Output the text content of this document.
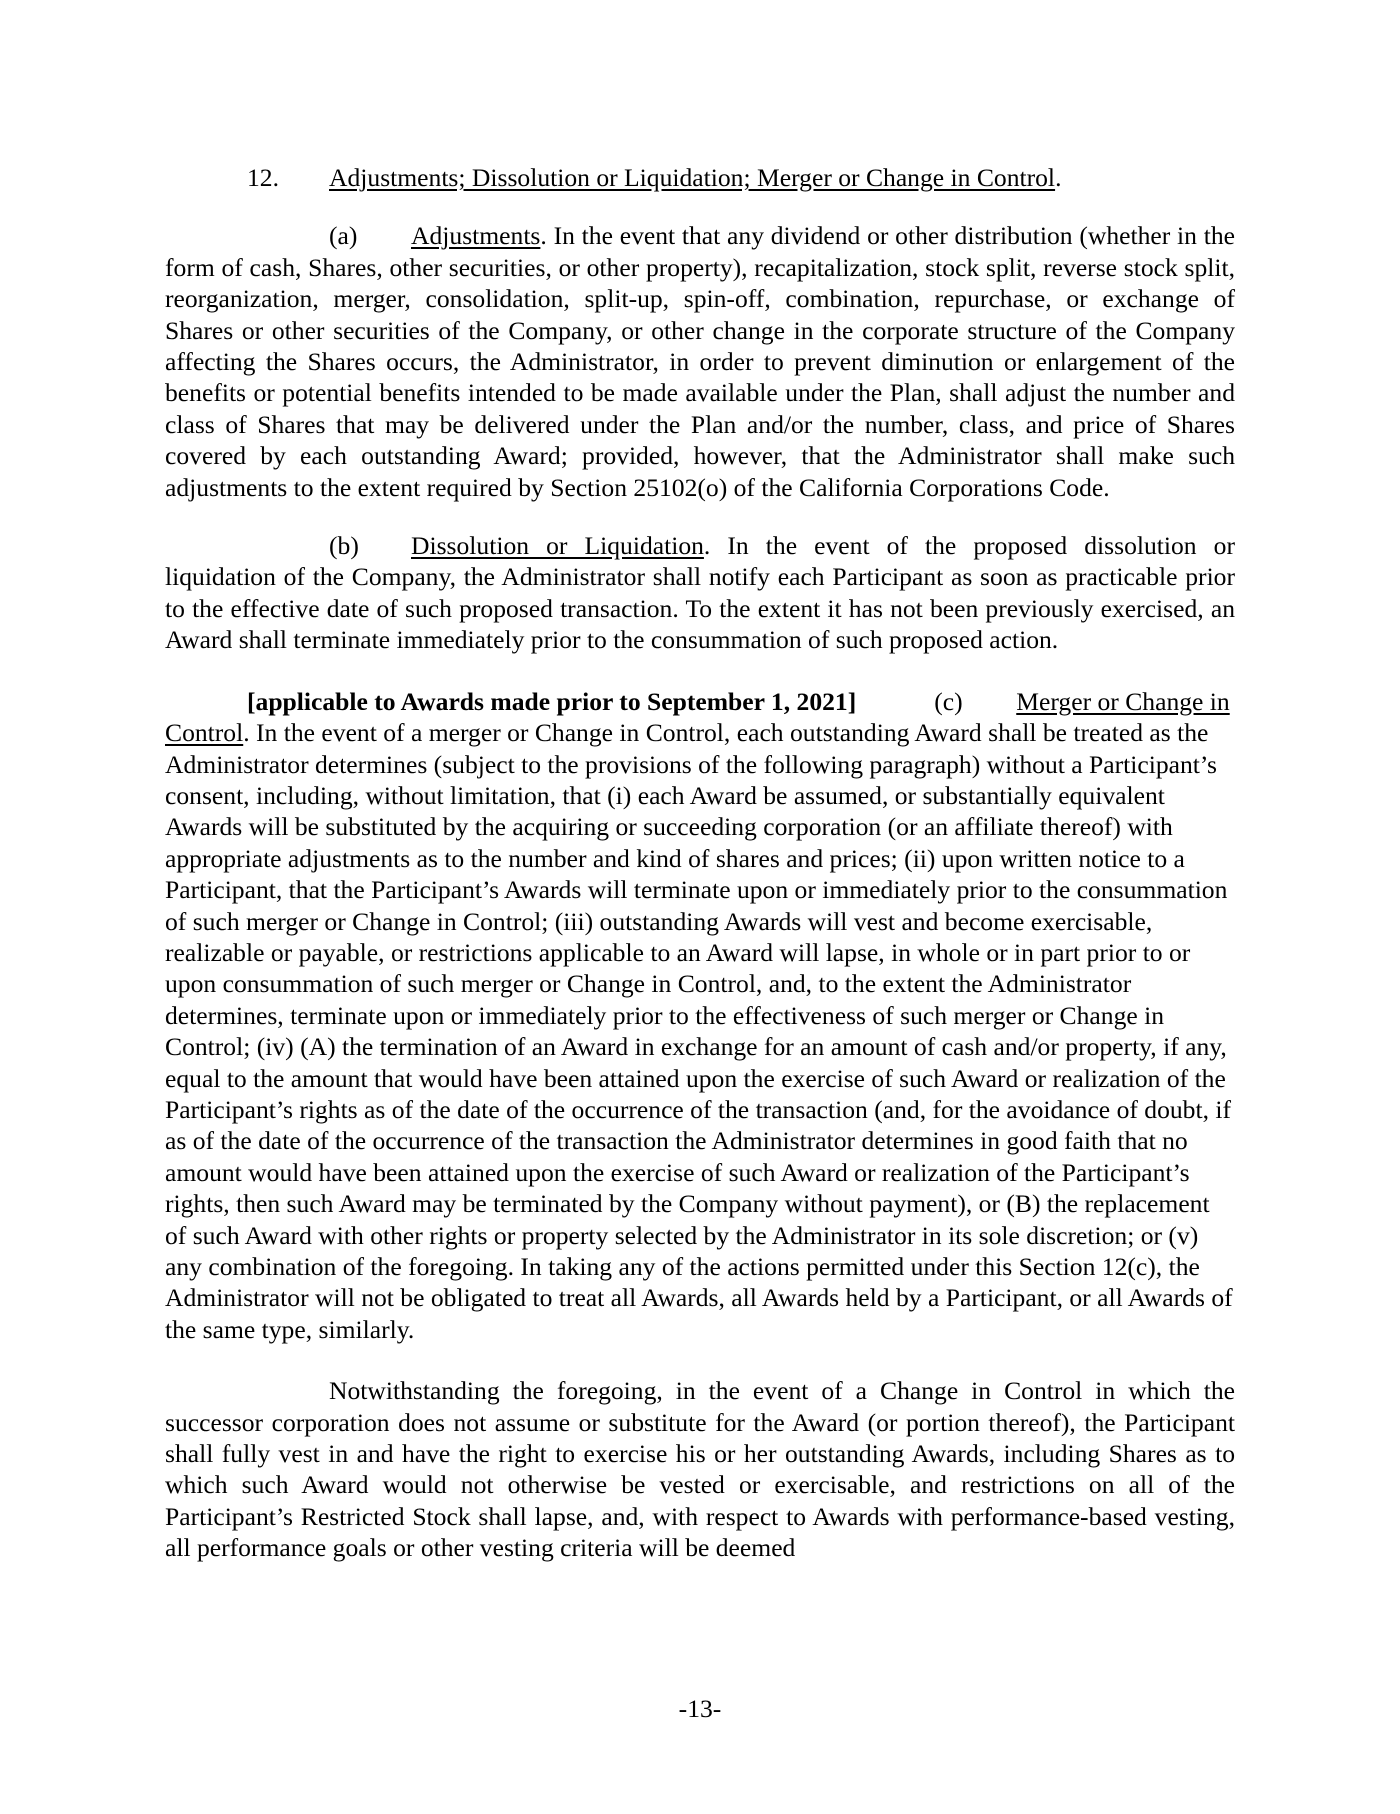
12. Adjustments; Dissolution or Liquidation; Merger or Change in Control.

(a) Adjustments. In the event that any dividend or other distribution (whether in the form of cash, Shares, other securities, or other property), recapitalization, stock split, reverse stock split, reorganization, merger, consolidation, split-up, spin-off, combination, repurchase, or exchange of Shares or other securities of the Company, or other change in the corporate structure of the Company affecting the Shares occurs, the Administrator, in order to prevent diminution or enlargement of the benefits or potential benefits intended to be made available under the Plan, shall adjust the number and class of Shares that may be delivered under the Plan and/or the number, class, and price of Shares covered by each outstanding Award; provided, however, that the Administrator shall make such adjustments to the extent required by Section 25102(o) of the California Corporations Code.

(b) Dissolution or Liquidation. In the event of the proposed dissolution or liquidation of the Company, the Administrator shall notify each Participant as soon as practicable prior to the effective date of such proposed transaction. To the extent it has not been previously exercised, an Award shall terminate immediately prior to the consummation of such proposed action.

[applicable to Awards made prior to September 1, 2021]	(c) Merger or Change in Control. In the event of a merger or Change in Control, each outstanding Award shall be treated as the Administrator determines (subject to the provisions of the following paragraph) without a Participant’s consent, including, without limitation, that (i) each Award be assumed, or substantially equivalent Awards will be substituted by the acquiring or succeeding corporation (or an affiliate thereof) with appropriate adjustments as to the number and kind of shares and prices; (ii) upon written notice to a Participant, that the Participant’s Awards will terminate upon or immediately prior to the consummation of such merger or Change in Control; (iii) outstanding Awards will vest and become exercisable, realizable or payable, or restrictions applicable to an Award will lapse, in whole or in part prior to or upon consummation of such merger or Change in Control, and, to the extent the Administrator determines, terminate upon or immediately prior to the effectiveness of such merger or Change in Control; (iv) (A) the termination of an Award in exchange for an amount of cash and/or property, if any, equal to the amount that would have been attained upon the exercise of such Award or realization of the Participant’s rights as of the date of the occurrence of the transaction (and, for the avoidance of doubt, if as of the date of the occurrence of the transaction the Administrator determines in good faith that no amount would have been attained upon the exercise of such Award or realization of the Participant’s rights, then such Award may be terminated by the Company without payment), or (B) the replacement of such Award with other rights or property selected by the Administrator in its sole discretion; or (v) any combination of the foregoing. In taking any of the actions permitted under this Section 12(c), the Administrator will not be obligated to treat all Awards, all Awards held by a Participant, or all Awards of the same type, similarly.

Notwithstanding the foregoing, in the event of a Change in Control in which the successor corporation does not assume or substitute for the Award (or portion thereof), the Participant shall fully vest in and have the right to exercise his or her outstanding Awards, including Shares as to which such Award would not otherwise be vested or exercisable, and restrictions on all of the Participant’s Restricted Stock shall lapse, and, with respect to Awards with performance-based vesting, all performance goals or other vesting criteria will be deemed

-13-
